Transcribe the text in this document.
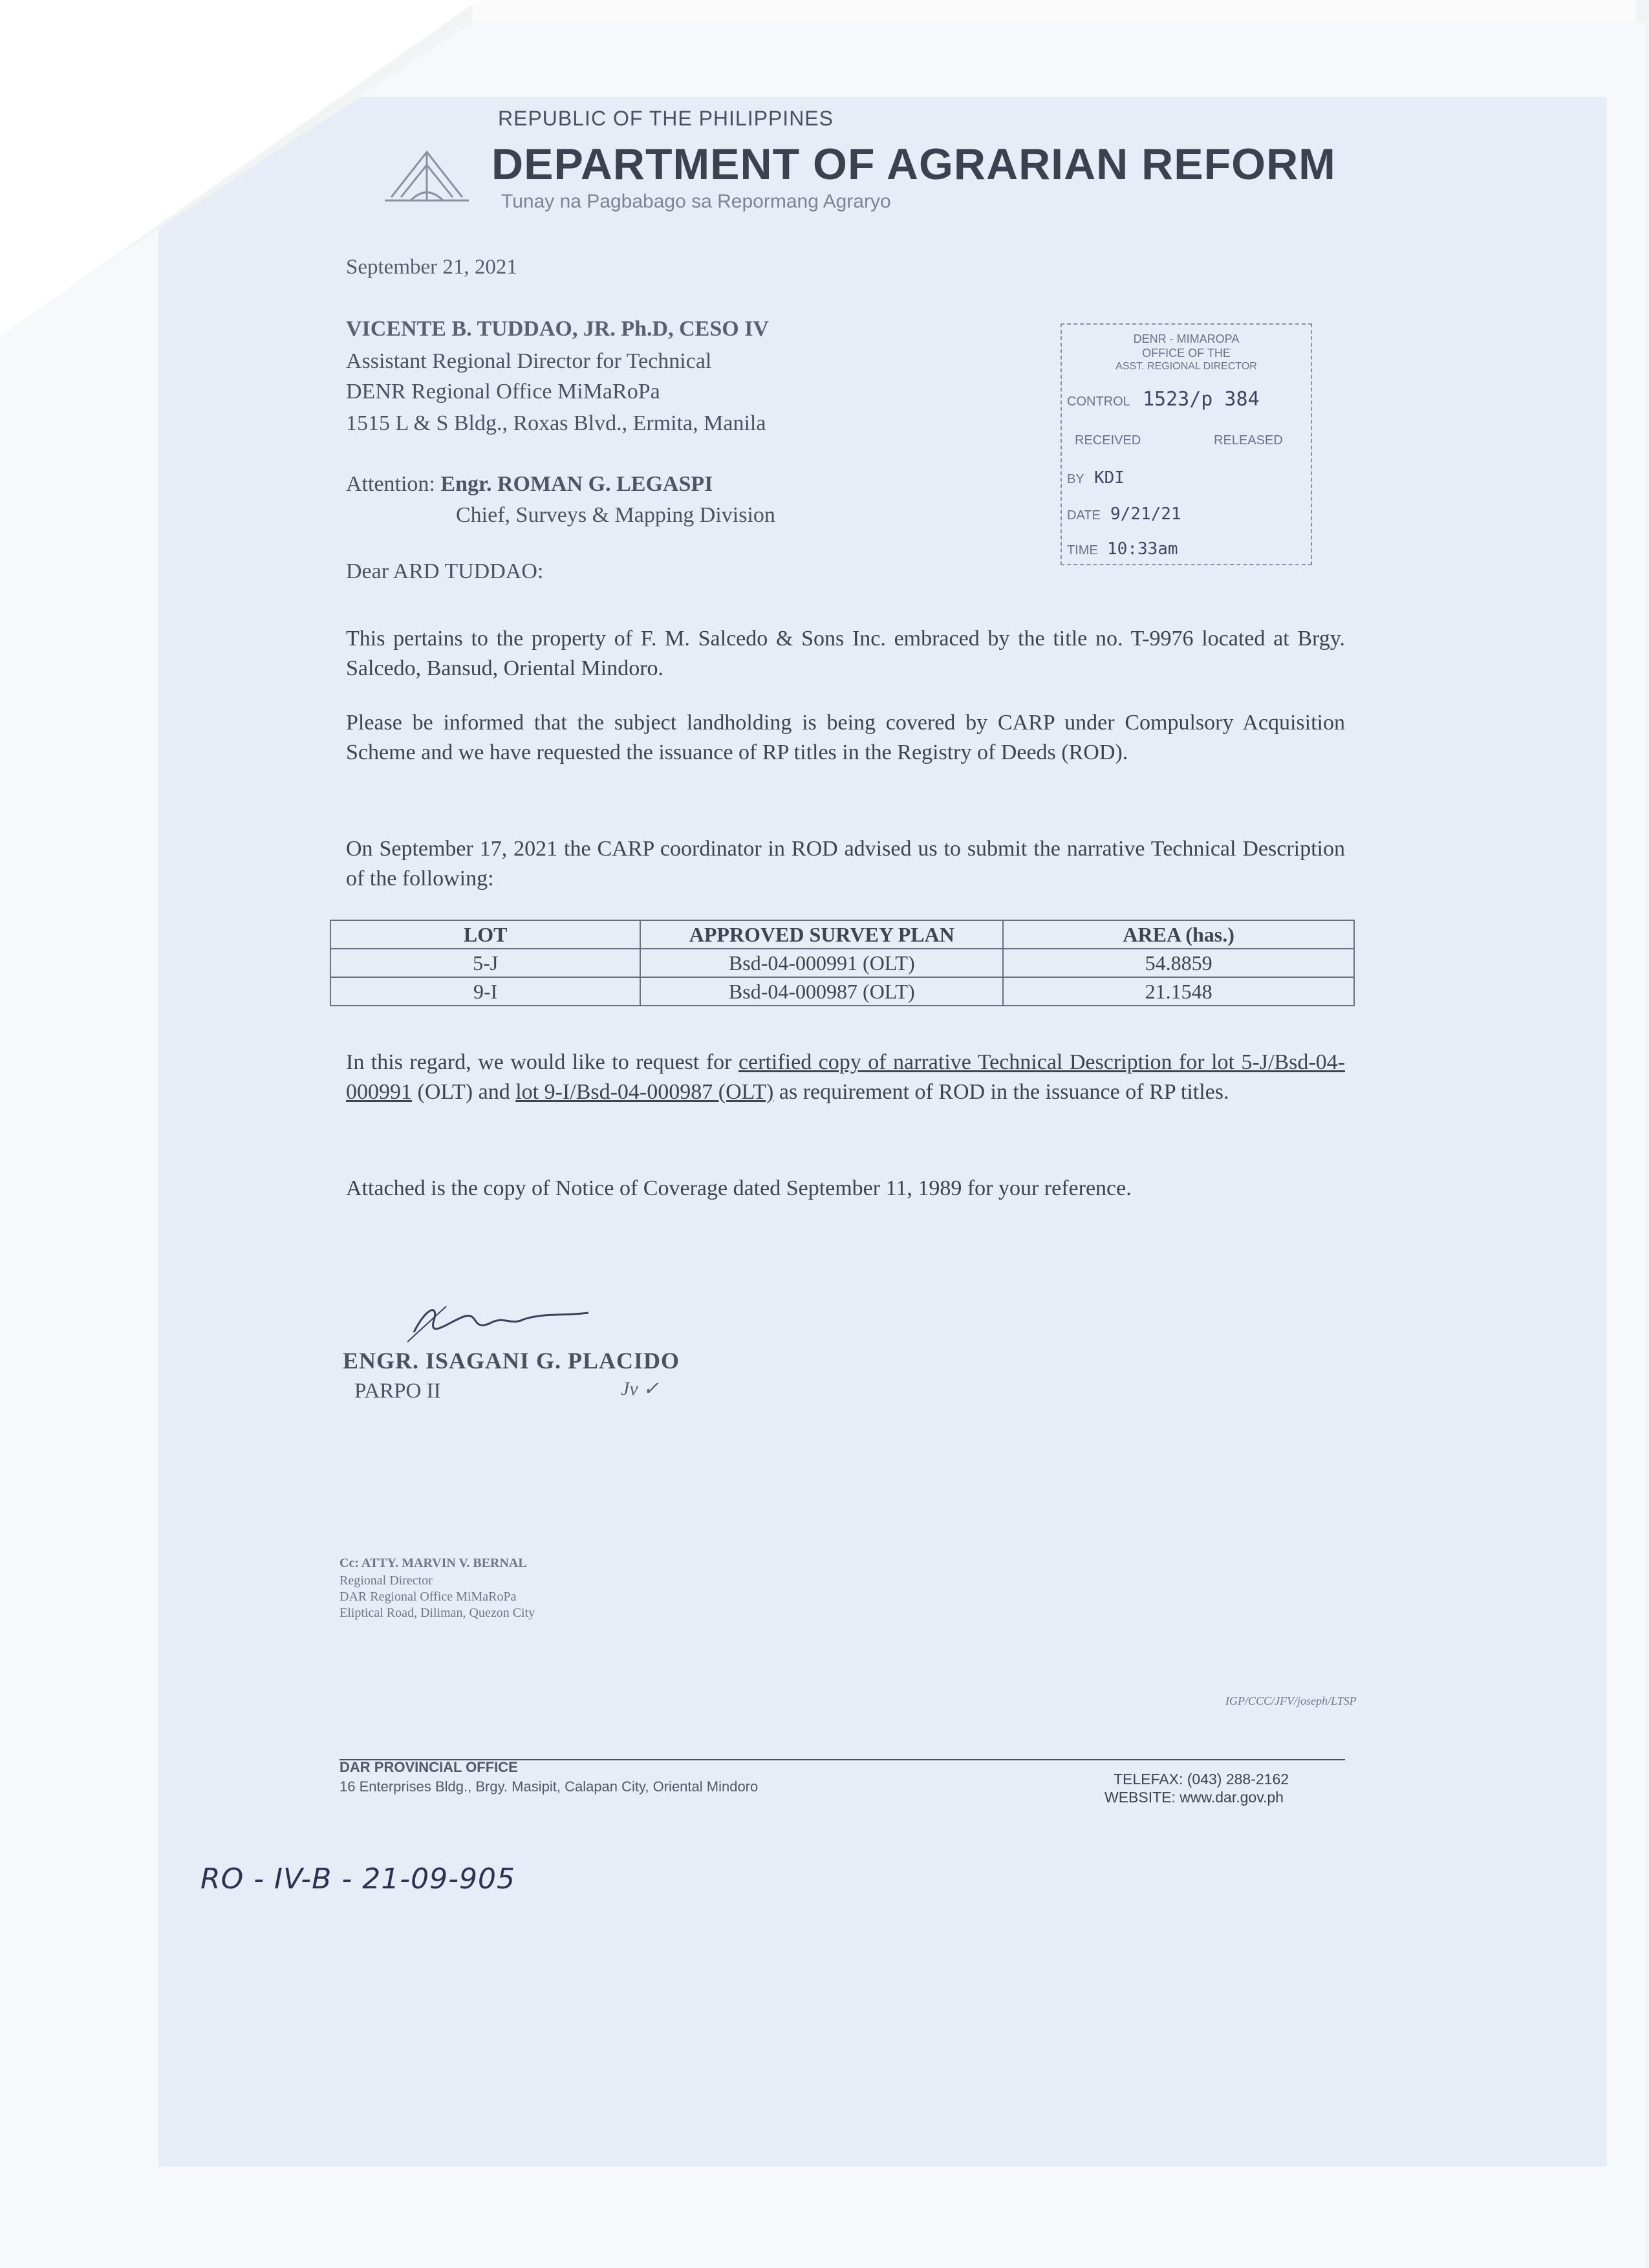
REPUBLIC OF THE PHILIPPINES
DEPARTMENT OF AGRARIAN REFORM
Tunay na Pagbabago sa Repormang Agraryo
September 21, 2021
VICENTE B. TUDDAO, JR. Ph.D, CESO IV
Assistant Regional Director for Technical
DENR Regional Office MiMaRoPa
1515 L & S Bldg., Roxas Blvd., Ermita, Manila
Attention: Engr. ROMAN G. LEGASPI
Chief, Surveys & Mapping Division
Dear ARD TUDDAO:
DENR - MIMAROPA
OFFICE OF THE
ASST. REGIONAL DIRECTOR
CONTROL 1523/p 384
RECEIVED	RELEASED
BY KDI
DATE 9/21/21
TIME 10:33am
This pertains to the property of F. M. Salcedo & Sons Inc. embraced by the title no. T-9976 located at Brgy. Salcedo, Bansud, Oriental Mindoro.
Please be informed that the subject landholding is being covered by CARP under Compulsory Acquisition Scheme and we have requested the issuance of RP titles in the Registry of Deeds (ROD).
On September 17, 2021 the CARP coordinator in ROD advised us to submit the narrative Technical Description of the following:
LOT	APPROVED SURVEY PLAN	AREA (has.)
5-J	Bsd-04-000991 (OLT)	54.8859
9-I	Bsd-04-000987 (OLT)	21.1548
In this regard, we would like to request for certified copy of narrative Technical Description for lot 5-J/Bsd-04-000991 (OLT) and lot 9-I/Bsd-04-000987 (OLT) as requirement of ROD in the issuance of RP titles.
Attached is the copy of Notice of Coverage dated September 11, 1989 for your reference.
ENGR. ISAGANI G. PLACIDO
PARPO II	Jv ✓
Cc: ATTY. MARVIN V. BERNAL
Regional Director
DAR Regional Office MiMaRoPa
Eliptical Road, Diliman, Quezon City
IGP/CCC/JFV/joseph/LTSP
DAR PROVINCIAL OFFICE
16 Enterprises Bldg., Brgy. Masipit, Calapan City, Oriental Mindoro	TELEFAX: (043) 288-2162
WEBSITE: www.dar.gov.ph
RO - IV-B - 21-09-905
